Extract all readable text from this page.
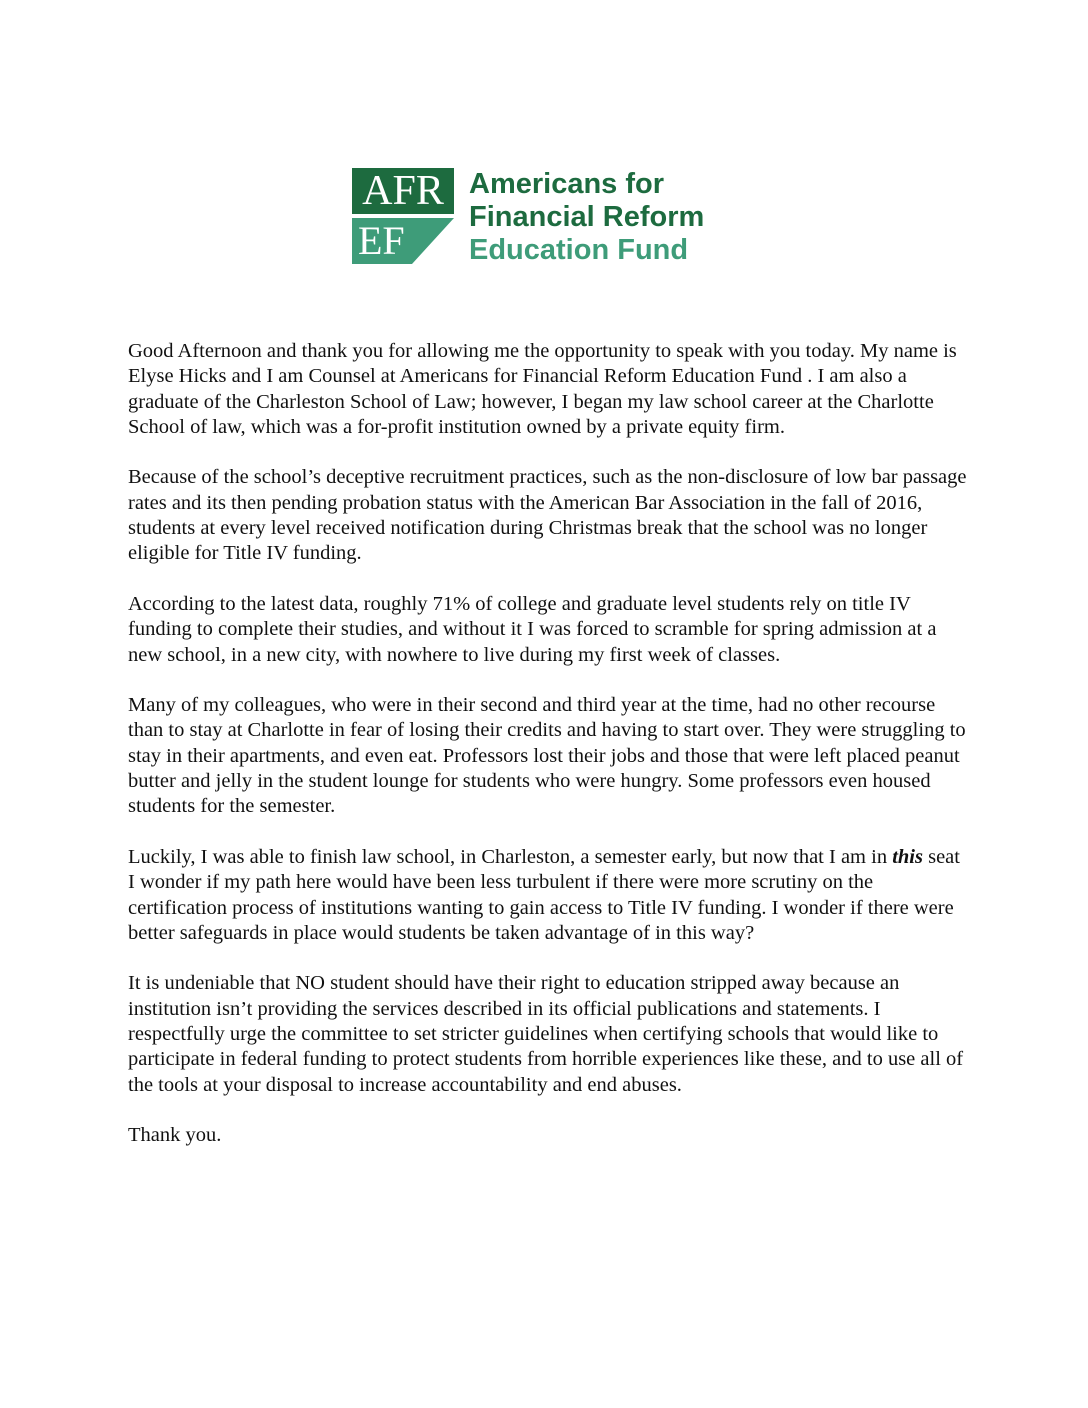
AFR
EF
Americans for
Financial Reform
Education Fund

Good Afternoon and thank you for allowing me the opportunity to speak with you today. My name is Elyse Hicks and I am Counsel at Americans for Financial Reform Education Fund . I am also a graduate of the Charleston School of Law; however, I began my law school career at the Charlotte School of law, which was a for-profit institution owned by a private equity firm.

Because of the school’s deceptive recruitment practices, such as the non-disclosure of low bar passage rates and its then pending probation status with the American Bar Association in the fall of 2016, students at every level received notification during Christmas break that the school was no longer eligible for Title IV funding.

According to the latest data, roughly 71% of college and graduate level students rely on title IV funding to complete their studies, and without it I was forced to scramble for spring admission at a new school, in a new city, with nowhere to live during my first week of classes.

Many of my colleagues, who were in their second and third year at the time, had no other recourse than to stay at Charlotte in fear of losing their credits and having to start over. They were struggling to stay in their apartments, and even eat. Professors lost their jobs and those that were left placed peanut butter and jelly in the student lounge for students who were hungry. Some professors even housed students for the semester.

Luckily, I was able to finish law school, in Charleston, a semester early, but now that I am in this seat I wonder if my path here would have been less turbulent if there were more scrutiny on the certification process of institutions wanting to gain access to Title IV funding. I wonder if there were better safeguards in place would students be taken advantage of in this way?

It is undeniable that NO student should have their right to education stripped away because an institution isn’t providing the services described in its official publications and statements. I respectfully urge the committee to set stricter guidelines when certifying schools that would like to participate in federal funding to protect students from horrible experiences like these, and to use all of the tools at your disposal to increase accountability and end abuses.

Thank you.
